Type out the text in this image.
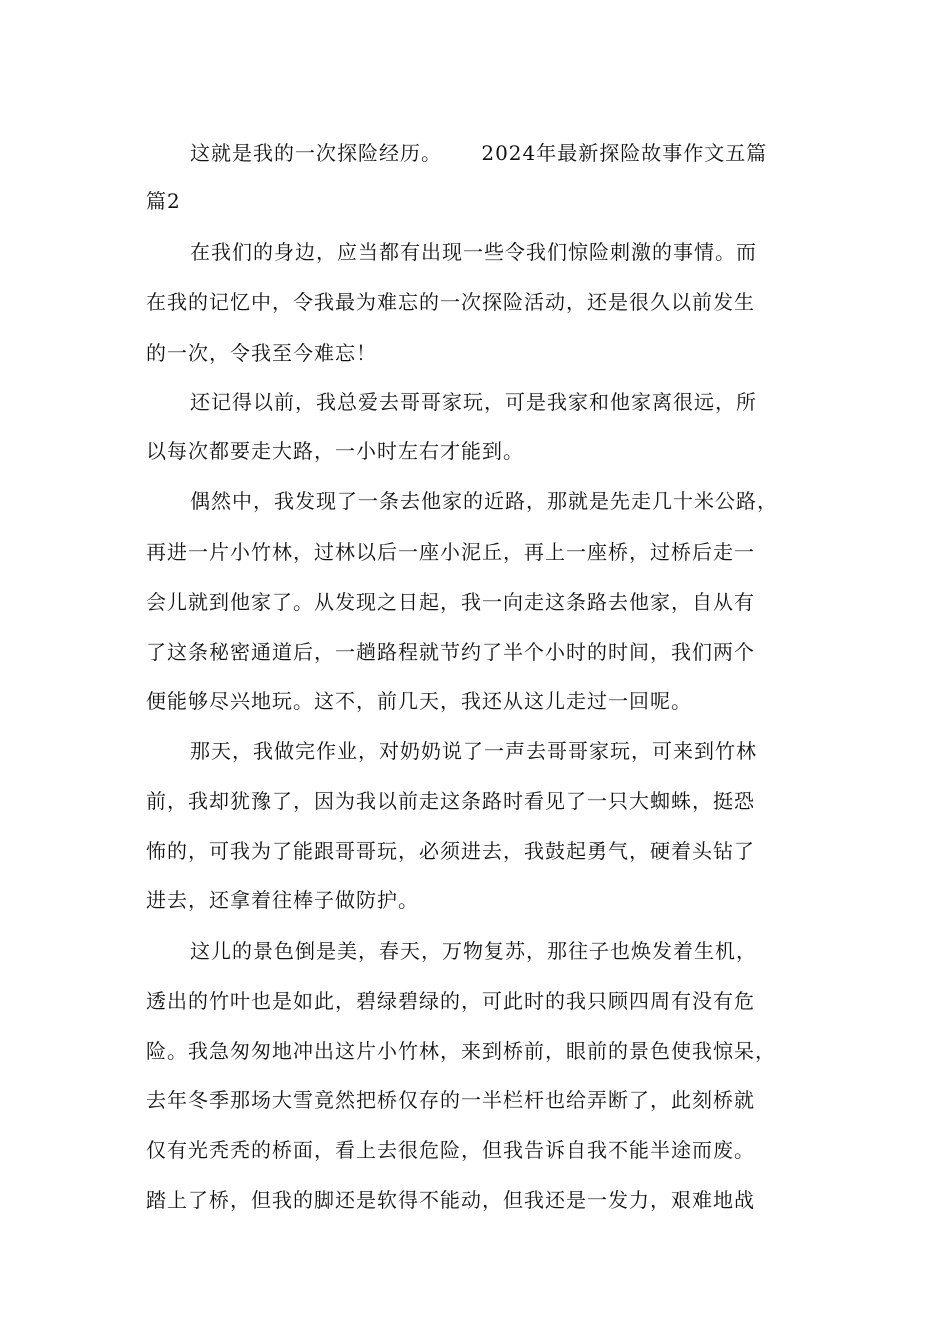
这就是我的一次探险经历。　　 2024年最新探险故事作文五篇
篇2
在我们的身边，应当都有出现一些令我们惊险刺激的事情。而
在我的记忆中，令我最为难忘的一次探险活动，还是很久以前发生
的一次，令我至今难忘！
还记得以前，我总爱去哥哥家玩，可是我家和他家离很远，所
以每次都要走大路，一小时左右才能到。
偶然中，我发现了一条去他家的近路，那就是先走几十米公路，
再进一片小竹林，过林以后一座小泥丘，再上一座桥，过桥后走一
会儿就到他家了。从发现之日起，我一向走这条路去他家，自从有
了这条秘密通道后，一趟路程就节约了半个小时的时间，我们两个
便能够尽兴地玩。这不，前几天，我还从这儿走过一回呢。
那天，我做完作业，对奶奶说了一声去哥哥家玩，可来到竹林
前，我却犹豫了，因为我以前走这条路时看见了一只大蜘蛛，挺恐
怖的，可我为了能跟哥哥玩，必须进去，我鼓起勇气，硬着头钻了
进去，还拿着往棒子做防护。
这儿的景色倒是美，春天，万物复苏，那往子也焕发着生机，
透出的竹叶也是如此，碧绿碧绿的，可此时的我只顾四周有没有危
险。我急匆匆地冲出这片小竹林，来到桥前，眼前的景色使我惊呆，
去年冬季那场大雪竟然把桥仅存的一半栏杆也给弄断了，此刻桥就
仅有光秃秃的桥面，看上去很危险，但我告诉自我不能半途而废。
踏上了桥，但我的脚还是软得不能动，但我还是一发力，艰难地战
